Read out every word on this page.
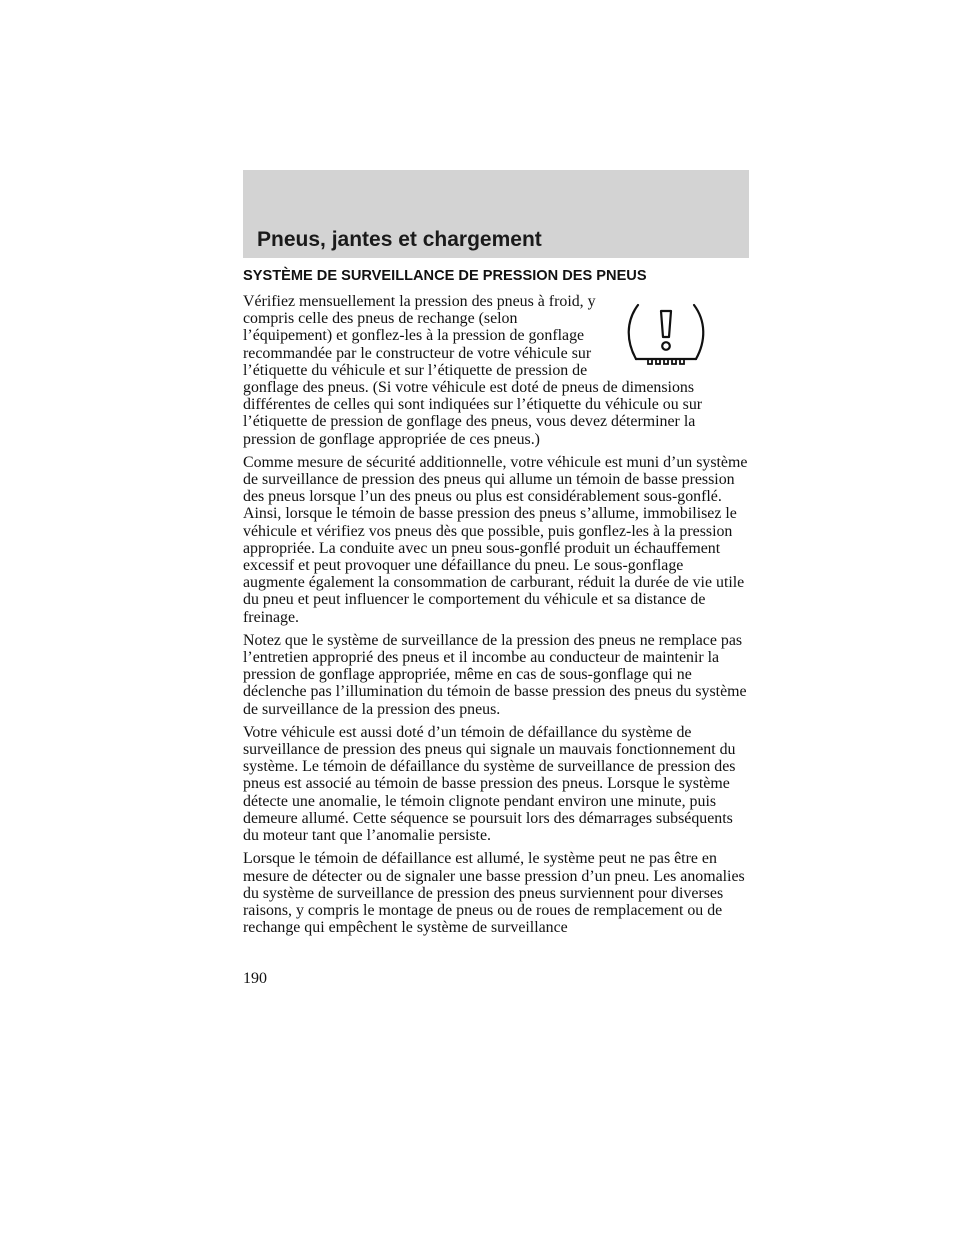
Pneus, jantes et chargement
SYSTÈME DE SURVEILLANCE DE PRESSION DES PNEUS
Vérifiez mensuellement la pression des pneus à froid, y compris celle des pneus de rechange (selon l’équipement) et gonflez-les à la pression de gonflage recommandée par le constructeur de votre véhicule sur l’étiquette du véhicule et sur l’étiquette de pression de gonflage des pneus. (Si votre véhicule est doté de pneus de dimensions différentes de celles qui sont indiquées sur l’étiquette du véhicule ou sur l’étiquette de pression de gonflage des pneus, vous devez déterminer la pression de gonflage appropriée de ces pneus.)

Comme mesure de sécurité additionnelle, votre véhicule est muni d’un système de surveillance de pression des pneus qui allume un témoin de basse pression des pneus lorsque l’un des pneus ou plus est considérablement sous-gonflé. Ainsi, lorsque le témoin de basse pression des pneus s’allume, immobilisez le véhicule et vérifiez vos pneus dès que possible, puis gonflez-les à la pression appropriée. La conduite avec un pneu sous-gonflé produit un échauffement excessif et peut provoquer une défaillance du pneu. Le sous-gonflage augmente également la consommation de carburant, réduit la durée de vie utile du pneu et peut influencer le comportement du véhicule et sa distance de freinage.

Notez que le système de surveillance de la pression des pneus ne remplace pas l’entretien approprié des pneus et il incombe au conducteur de maintenir la pression de gonflage appropriée, même en cas de sous-gonflage qui ne déclenche pas l’illumination du témoin de basse pression des pneus du système de surveillance de la pression des pneus.

Votre véhicule est aussi doté d’un témoin de défaillance du système de surveillance de pression des pneus qui signale un mauvais fonctionnement du système. Le témoin de défaillance du système de surveillance de pression des pneus est associé au témoin de basse pression des pneus. Lorsque le système détecte une anomalie, le témoin clignote pendant environ une minute, puis demeure allumé. Cette séquence se poursuit lors des démarrages subséquents du moteur tant que l’anomalie persiste.

Lorsque le témoin de défaillance est allumé, le système peut ne pas être en mesure de détecter ou de signaler une basse pression d’un pneu. Les anomalies du système de surveillance de pression des pneus surviennent pour diverses raisons, y compris le montage de pneus ou de roues de remplacement ou de rechange qui empêchent le système de surveillance

190
